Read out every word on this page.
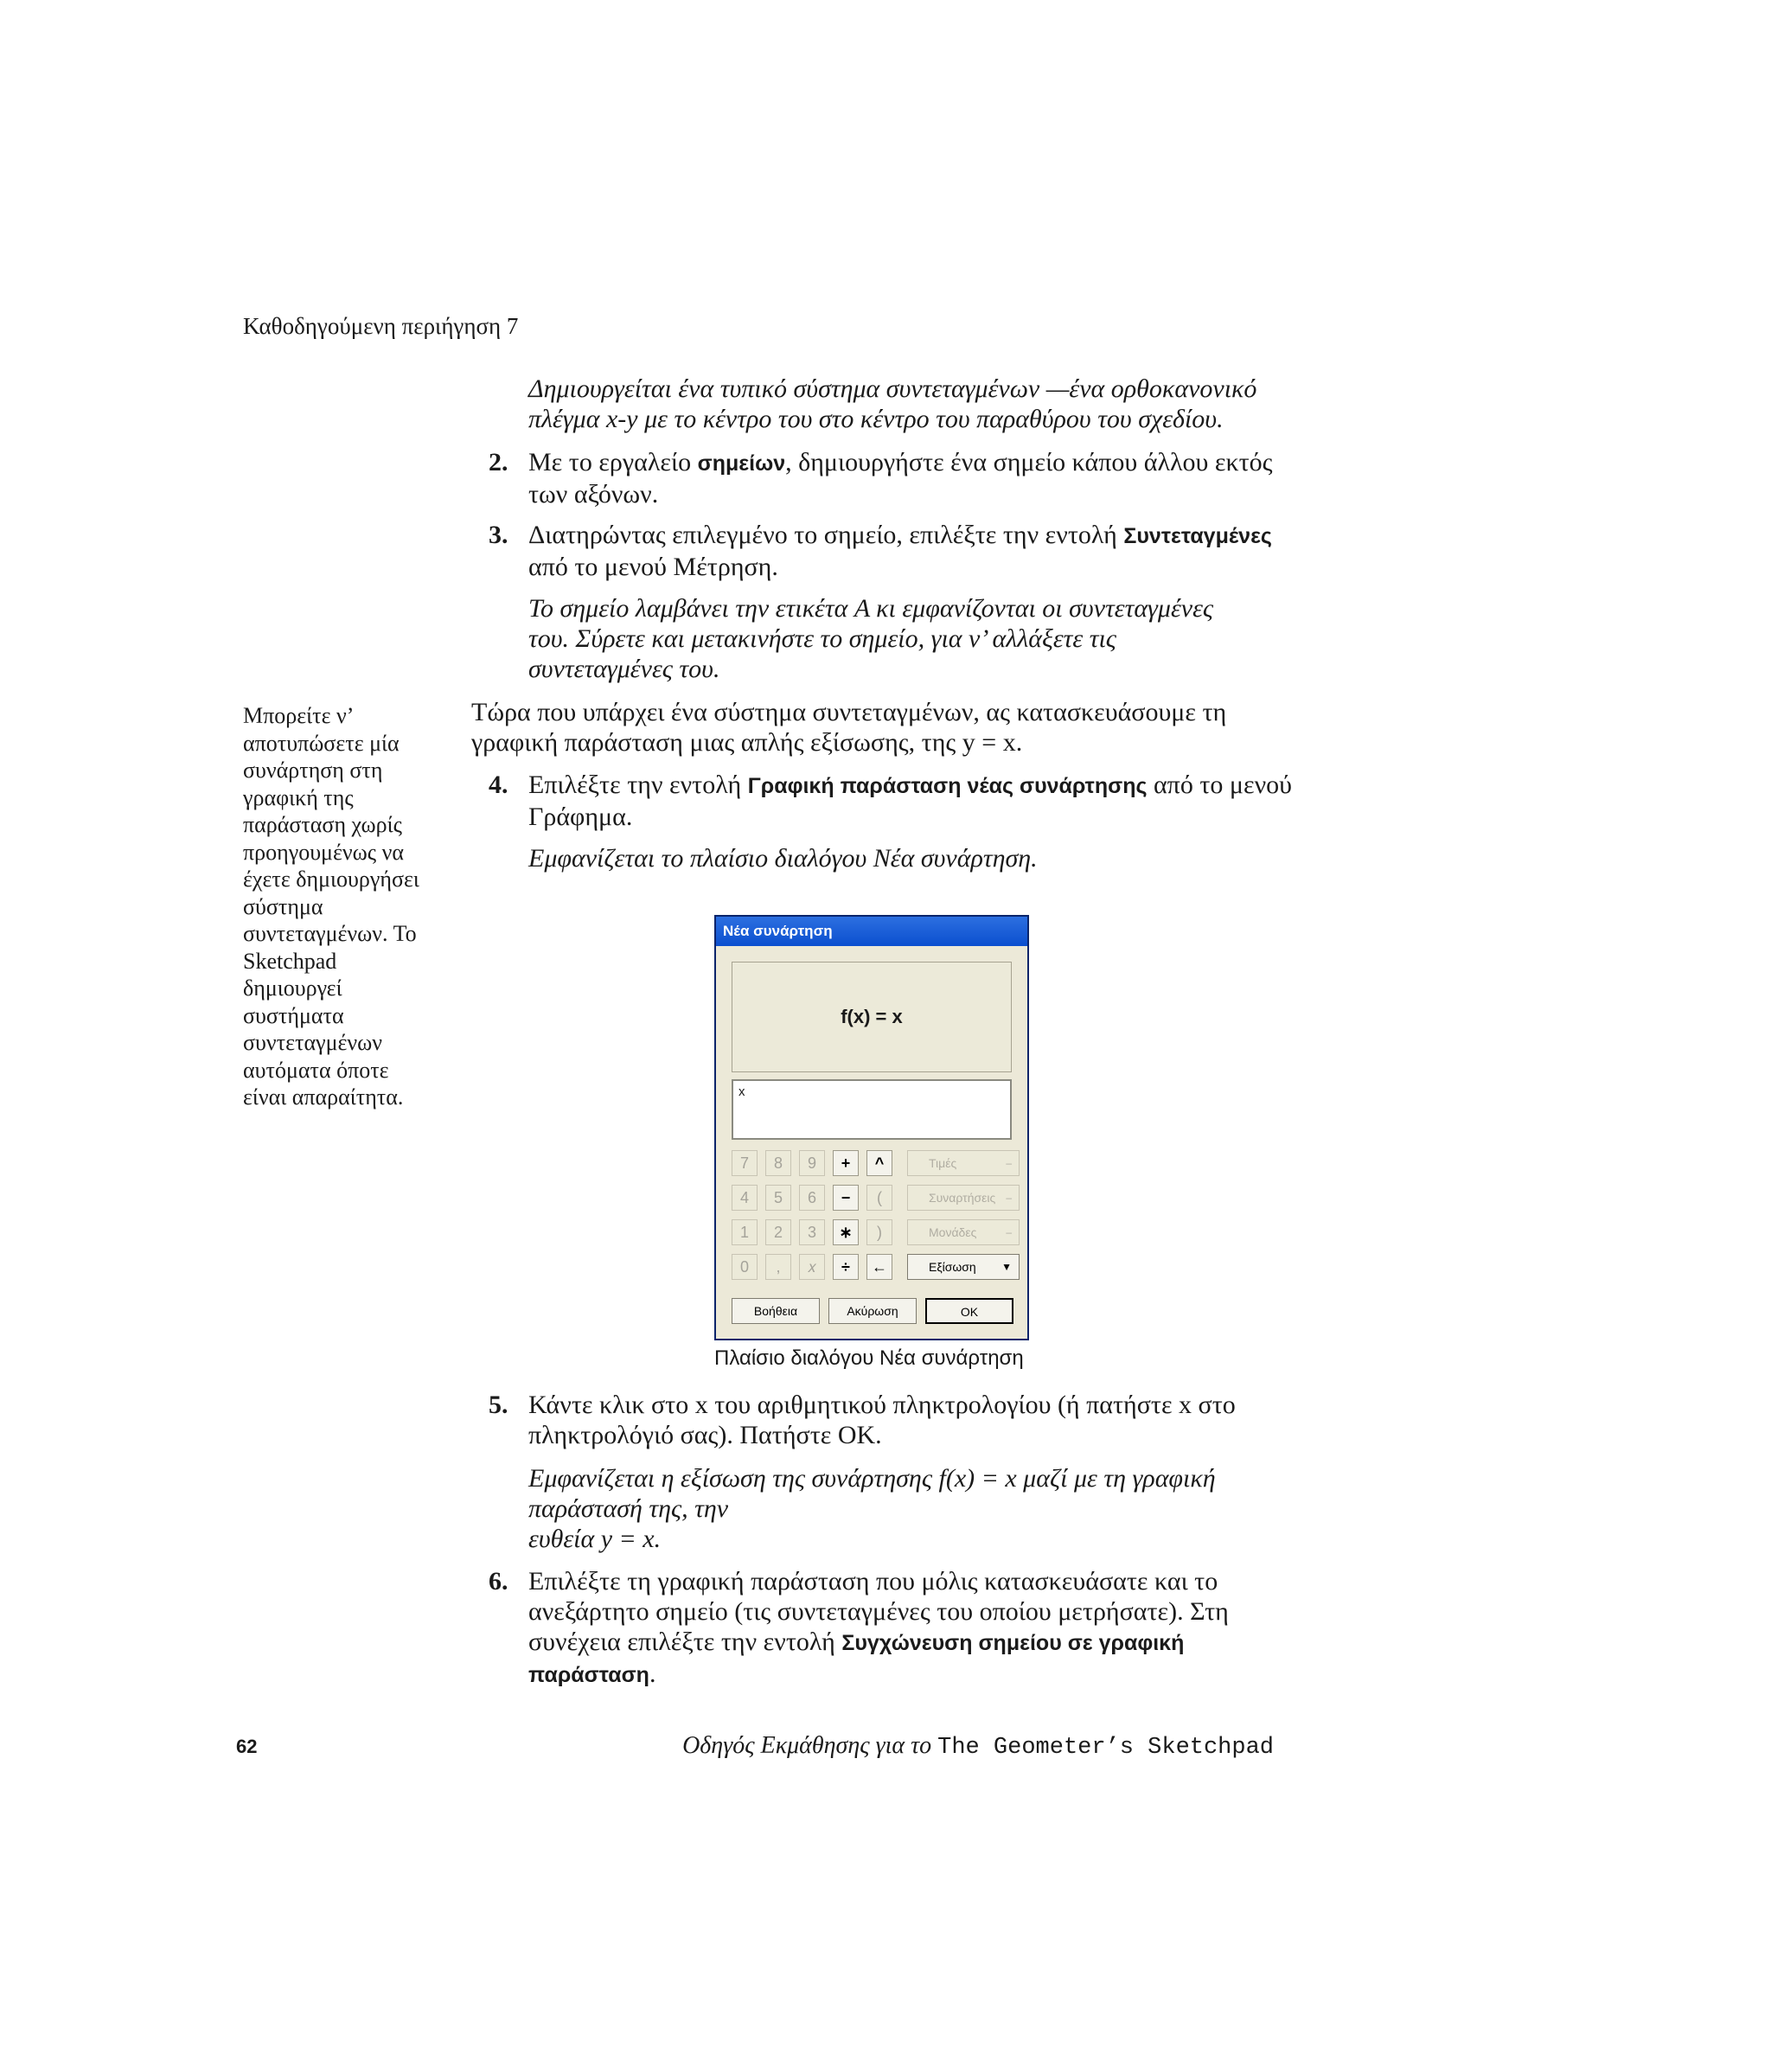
Καθοδηγούμενη περιήγηση 7
Δημιουργείται ένα τυπικό σύστημα συντεταγμένων —ένα ορθοκανονικό
πλέγμα x-y με το κέντρο του στο κέντρο του παραθύρου του σχεδίου.
2. Με το εργαλείο σημείων, δημιουργήστε ένα σημείο κάπου άλλου εκτός
των αξόνων.
3. Διατηρώντας επιλεγμένο το σημείο, επιλέξτε την εντολή Συντεταγμένες
από το μενού Μέτρηση.
Το σημείο λαμβάνει την ετικέτα A κι εμφανίζονται οι συντεταγμένες
του. Σύρετε και μετακινήστε το σημείο, για ν’ αλλάξετε τις
συντεταγμένες του.
Τώρα που υπάρχει ένα σύστημα συντεταγμένων, ας κατασκευάσουμε τη
γραφική παράσταση μιας απλής εξίσωσης, της y = x.
Μπορείτε ν’
αποτυπώσετε μία
συνάρτηση στη
γραφική της
παράσταση χωρίς
προηγουμένως να
έχετε δημιουργήσει
σύστημα
συντεταγμένων. Το
Sketchpad
δημιουργεί
συστήματα
συντεταγμένων
αυτόματα όποτε
είναι απαραίτητα.
4. Επιλέξτε την εντολή Γραφική παράσταση νέας συνάρτησης από το μενού
Γράφημα.
Εμφανίζεται το πλαίσιο διαλόγου Νέα συνάρτηση.
Νέα συνάρτηση
f(x) = x
x
7	8	9	+	^	Τιμές	–
4	5	6	−	(	Συναρτήσεις –
1	2	3	∗	)	Μονάδες	–
0	,	𝑥	÷	←	Εξίσωση ▼
Βοήθεια	Ακύρωση	OK
Πλαίσιο διαλόγου Νέα συνάρτηση
5. Κάντε κλικ στο x του αριθμητικού πληκτρολογίου (ή πατήστε x στο
πληκτρολόγιό σας). Πατήστε OK.
Εμφανίζεται η εξίσωση της συνάρτησης f(x) = x μαζί με τη γραφική
παράστασή της, την
ευθεία y = x.
6. Επιλέξτε τη γραφική παράσταση που μόλις κατασκευάσατε και το
ανεξάρτητο σημείο (τις συντεταγμένες του οποίου μετρήσατε). Στη
συνέχεια επιλέξτε την εντολή Συγχώνευση σημείου σε γραφική παράσταση.
62	Οδηγός Εκμάθησης για το The Geometer’s Sketchpad
